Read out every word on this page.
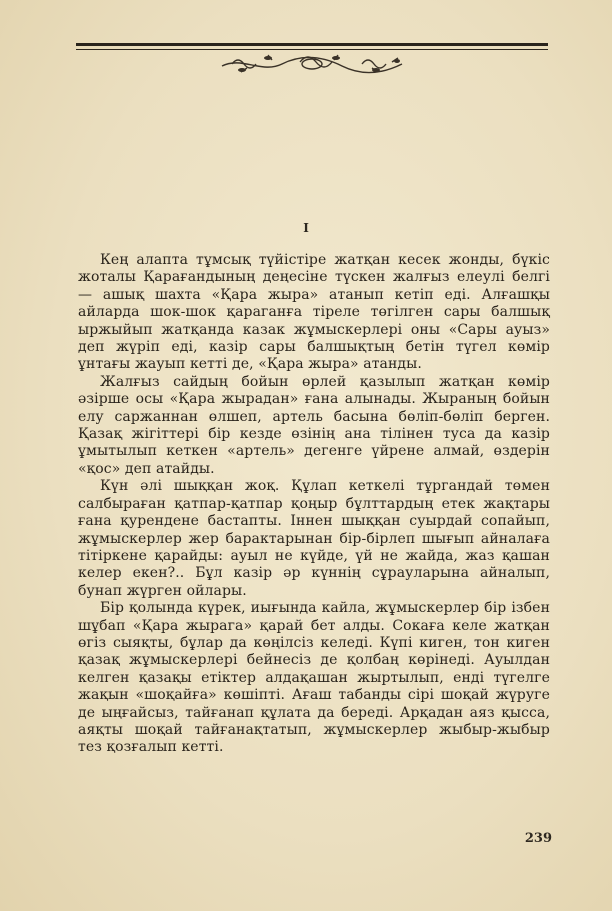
I

Кең алапта тұмсық түйістіре жатқан кесек жонды, бүкіс жоталы Қарағандының деңесіне түскен жалғыз елеулі белгі — ашық шахта «Қара жыра» атанып кетіп еді. Алғашқы айларда шок-шок қараганға тіреле төгілген сары балшық ыржыйып жатқанда казак жұмыскерлері оны «Сары ауыз» деп жүріп еді, казір сары балшықтың бетін түгел көмір ұнтағы жауып кетті де, «Қара жыра» атанды.

Жалғыз сайдың бойын өрлей қазылып жатқан көмір әзірше осы «Қара жырадан» ғана алынады. Жыраның бойын елу саржаннан өлшеп, артель басына бөліп-бөліп берген. Қазақ жігіттері бір кезде өзінің ана тілінен туса да казір ұмытылып кеткен «артель» дегенге үйрене алмай, өздерін «қос» деп атайды.

Күн әлі шыққан жоқ. Құлап кеткелі тұргандай төмен салбыраған қатпар-қатпар қоңыр бұлттардың етек жақтары ғана қурендене бастапты. Іннен шыққан суырдай сопайып, жұмыскерлер жер барактарынан бір-бірлеп шығып айналаға тітіркене қарайды: ауыл не күйде, үй не жайда, жаз қашан келер екен?.. Бұл казір әр күннің сұрауларына айналып, бунап жүрген ойлары.

Бір қолында күрек, иығында кайла, жұмыскерлер бір ізбен шұбап «Қара жырага» қарай бет алды. Сокаға келе жатқан өгіз сыяқты, бұлар да көңілсіз келеді. Күпі киген, тон киген қазақ жұмыскерлері бейнесіз де қолбаң көрінеді. Ауылдан келген қазақы етіктер алдақашан жыртылып, енді түгелге жақын «шоқайға» көшіпті. Ағаш табанды сірі шоқай жүруге де ыңғайсыз, тайғанап құлата да береді. Арқадан аяз қысса, аяқты шоқай тайғанақтатып, жұмыскерлер жыбыр-жыбыр тез қозғалып кетті.

239
